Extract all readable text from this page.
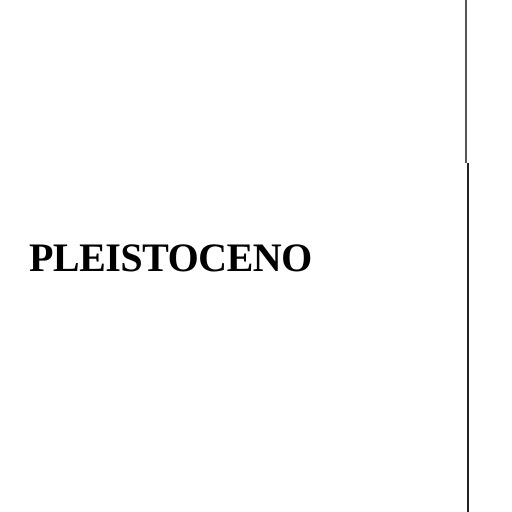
PLEISTOCENO
